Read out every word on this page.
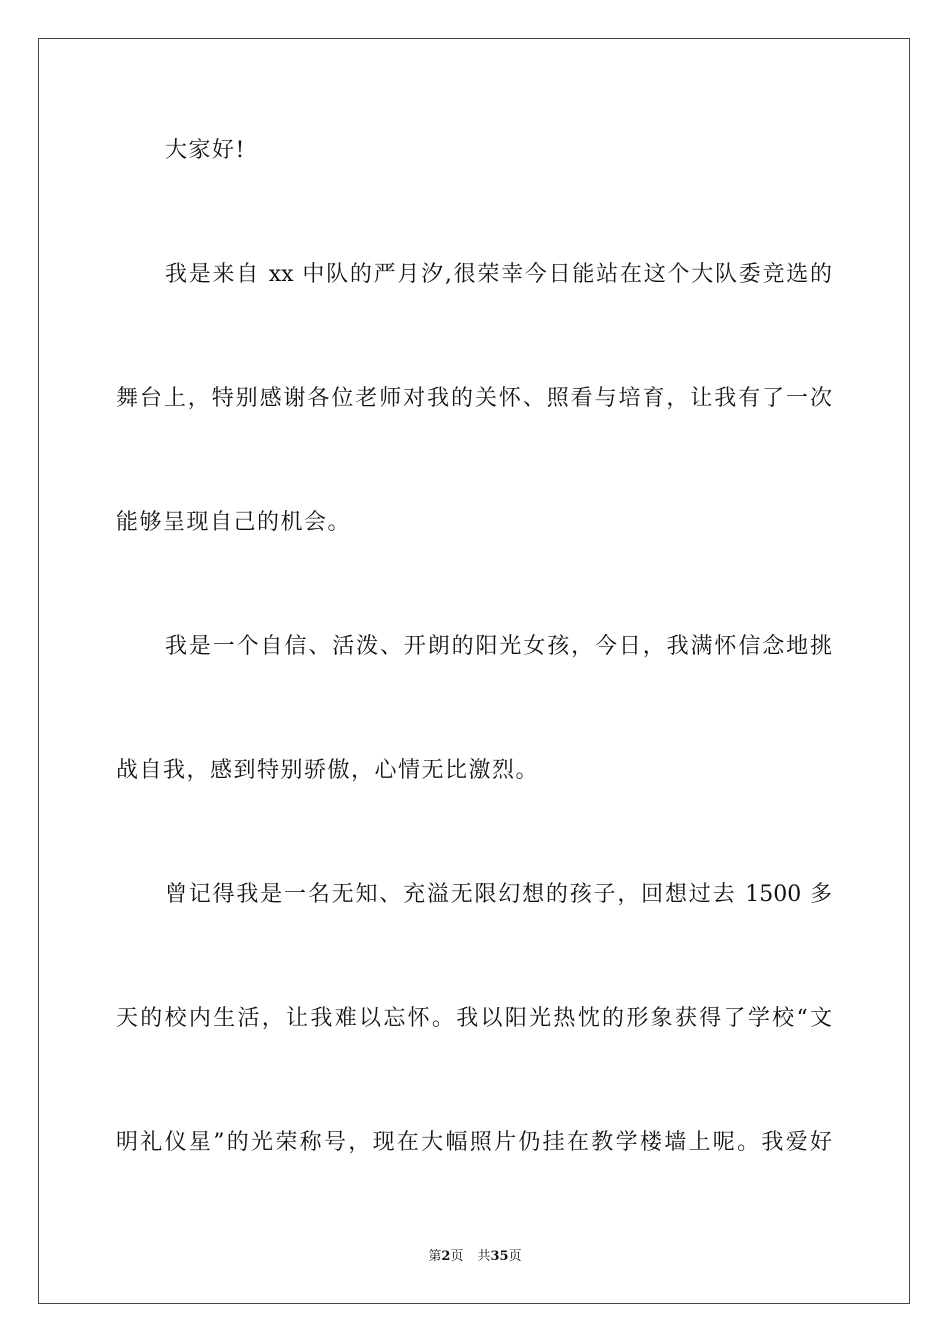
大家好!
我是来自 xx 中队的严月汐,很荣幸今日能站在这个大队委竞选的
舞台上，特别感谢各位老师对我的关怀、照看与培育，让我有了一次
能够呈现自己的机会。
我是一个自信、活泼、开朗的阳光女孩，今日，我满怀信念地挑
战自我，感到特别骄傲，心情无比激烈。
曾记得我是一名无知、充溢无限幻想的孩子，回想过去 1500 多
天的校内生活，让我难以忘怀。我以阳光热忱的形象获得了学校“文
明礼仪星”的光荣称号，现在大幅照片仍挂在教学楼墙上呢。我爱好
第2页 共35页
